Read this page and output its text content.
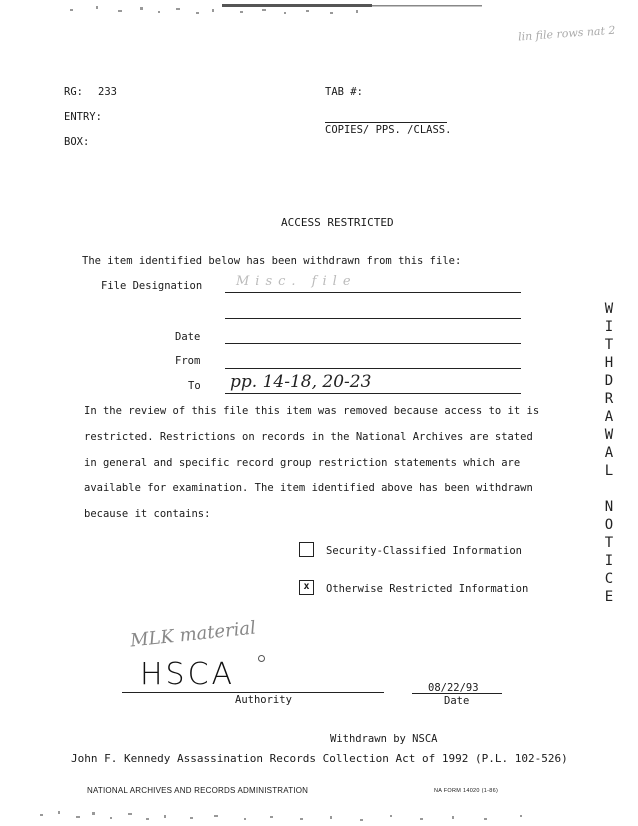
lin file rows nat 2
RG: 233
ENTRY:
BOX:
TAB #:
COPIES/ PPS. /CLASS.
ACCESS RESTRICTED
The item identified below has been withdrawn from this file:
File Designation	Misc. file
Date
From
To pp. 14-18, 20-23
In the review of this file this item was removed because access to it is
restricted. Restrictions on records in the National Archives are stated
in general and specific record group restriction statements which are
available for examination. The item identified above has been withdrawn
because it contains:
Security-Classified Information
x	Otherwise Restricted Information
MLK material
HSCA
Authority
08/22/93
Date
Withdrawn by NSCA
John F. Kennedy Assassination Records Collection Act of 1992 (P.L. 102-526)
NATIONAL ARCHIVES AND RECORDS ADMINISTRATION	NA FORM 14020 (1-86)
W
I
T
H
D
R
A
W
A
L

N
O
T
I
C
E
